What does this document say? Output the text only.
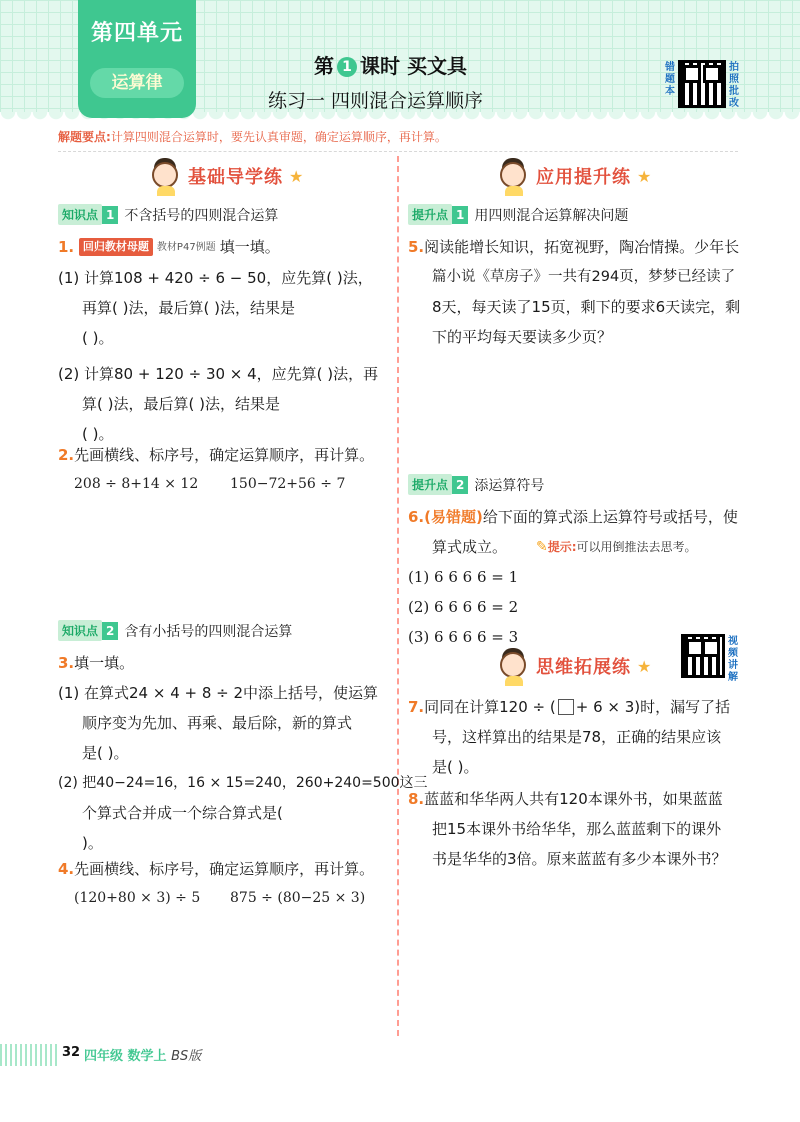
第四单元
运算律
第 1 课时 买文具
练习一 四则混合运算顺序
错题本
拍照批改
解题要点:计算四则混合运算时，要先认真审题，确定运算顺序，再计算。
基础导学练 ★
知识点 1 不含括号的四则混合运算
1. 回归教材母题 教材P47例题 填一填。
(1) 计算108 + 420 ÷ 6 − 50，应先算( )法，
再算( )法，最后算( )法，结果是
( )。
(2) 计算80 + 120 ÷ 30 × 4，应先算( )法，再
算( )法，最后算( )法，结果是
( )。
2.先画横线、标序号，确定运算顺序，再计算。
208 ÷ 8+14 × 12 150−72+56 ÷ 7
知识点 2 含有小括号的四则混合运算
3.填一填。
(1) 在算式24 × 4 + 8 ÷ 2中添上括号，使运算
顺序变为先加、再乘、最后除，新的算式
是( )。
(2) 把40−24=16，16 × 15=240，260+240=500这三
个算式合并成一个综合算式是(
)。
4.先画横线、标序号，确定运算顺序，再计算。
(120+80 × 3) ÷ 5 875 ÷ (80−25 × 3)
应用提升练 ★
提升点 1 用四则混合运算解决问题
5.阅读能增长知识，拓宽视野，陶冶情操。少年长
篇小说《草房子》一共有294页，梦梦已经读了
8天，每天读了15页，剩下的要求6天读完，剩
下的平均每天要读多少页？
提升点 2 添运算符号
6.(易错题)给下面的算式添上运算符号或括号，使
算式成立。
(1) 6 6 6 6 = 1
(2) 6 6 6 6 = 2
(3) 6 6 6 6 = 3
✎提示:可以用倒推法去思考。
思维拓展练 ★
视频讲解
7.同同在计算120 ÷ ( + 6 × 3)时，漏写了括
号，这样算出的结果是78，正确的结果应该
是( )。
8.蓝蓝和华华两人共有120本课外书，如果蓝蓝
把15本课外书给华华，那么蓝蓝剩下的课外
书是华华的3倍。原来蓝蓝有多少本课外书？
32 四年级 数学上 BS版
